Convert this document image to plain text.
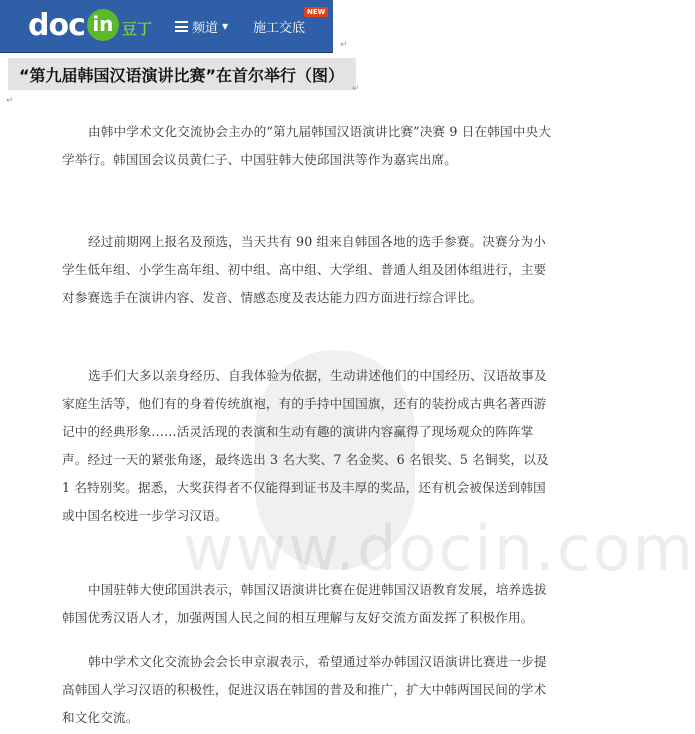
doc in 豆丁	频道 ▼ 施工交底
NEW
“第九届韩国汉语演讲比赛”在首尔举行（图）
↵
↵
↵
www.docin.com

由韩中学术文化交流协会主办的“第九届韩国汉语演讲比赛”决赛 9 日在韩国中央大学举行。韩国国会议员黄仁子、中国驻韩大使邱国洪等作为嘉宾出席。

经过前期网上报名及预选，当天共有 90 组来自韩国各地的选手参赛。决赛分为小学生低年组、小学生高年组、初中组、高中组、大学组、普通人组及团体组进行，主要对参赛选手在演讲内容、发音、情感态度及表达能力四方面进行综合评比。

选手们大多以亲身经历、自我体验为依据，生动讲述他们的中国经历、汉语故事及家庭生活等，他们有的身着传统旗袍，有的手持中国国旗，还有的装扮成古典名著西游记中的经典形象……活灵活现的表演和生动有趣的演讲内容赢得了现场观众的阵阵掌声。经过一天的紧张角逐，最终选出 3 名大奖、7 名金奖、6 名银奖、5 名铜奖，以及 1 名特别奖。据悉，大奖获得者不仅能得到证书及丰厚的奖品，还有机会被保送到韩国或中国名校进一步学习汉语。

中国驻韩大使邱国洪表示，韩国汉语演讲比赛在促进韩国汉语教育发展，培养选拔韩国优秀汉语人才，加强两国人民之间的相互理解与友好交流方面发挥了积极作用。

韩中学术文化交流协会会长申京淑表示，希望通过举办韩国汉语演讲比赛进一步提高韩国人学习汉语的积极性，促进汉语在韩国的普及和推广，扩大中韩两国民间的学术和文化交流。
